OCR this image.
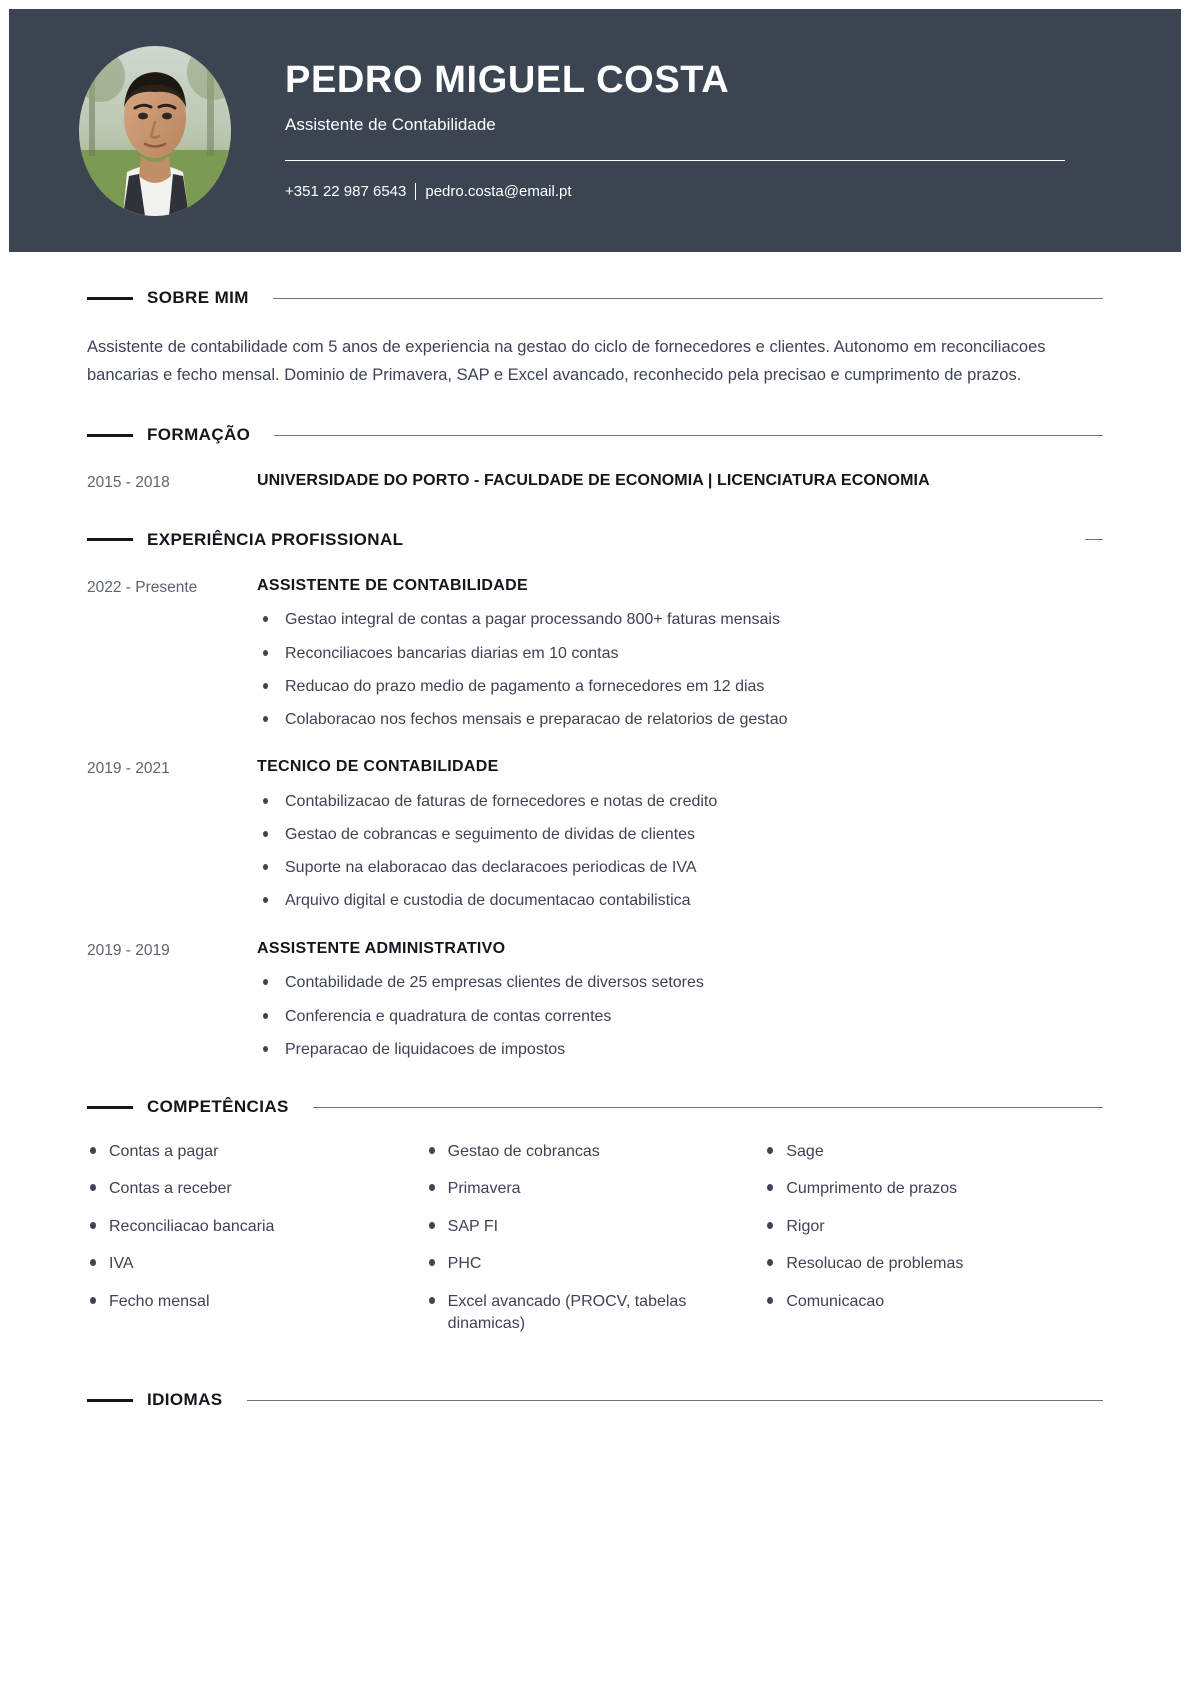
PEDRO MIGUEL COSTA

Assistente de Contabilidade

+351 22 987 6543 pedro.costa@email.pt
SOBRE MIM

Assistente de contabilidade com 5 anos de experiencia na gestao do ciclo de fornecedores e clientes. Autonomo em reconciliacoes bancarias e fecho mensal. Dominio de Primavera, SAP e Excel avancado, reconhecido pela precisao e cumprimento de prazos.

FORMAÇÃO
2015 - 2018	UNIVERSIDADE DO PORTO - FACULDADE DE ECONOMIA | LICENCIATURA ECONOMIA
EXPERIÊNCIA PROFISSIONAL
2022 - Presente	ASSISTENTE DE CONTABILIDADE
Gestao integral de contas a pagar processando 800+ faturas mensais
Reconciliacoes bancarias diarias em 10 contas
Reducao do prazo medio de pagamento a fornecedores em 12 dias
Colaboracao nos fechos mensais e preparacao de relatorios de gestao
2019 - 2021	TECNICO DE CONTABILIDADE
Contabilizacao de faturas de fornecedores e notas de credito
Gestao de cobrancas e seguimento de dividas de clientes
Suporte na elaboracao das declaracoes periodicas de IVA
Arquivo digital e custodia de documentacao contabilistica
2019 - 2019	ASSISTENTE ADMINISTRATIVO
Contabilidade de 25 empresas clientes de diversos setores
Conferencia e quadratura de contas correntes
Preparacao de liquidacoes de impostos
COMPETÊNCIAS
Contas a pagar
Contas a receber
Reconciliacao bancaria
IVA
Fecho mensal
Gestao de cobrancas
Primavera
SAP FI
PHC
Excel avancado (PROCV, tabelas dinamicas)
Sage
Cumprimento de prazos
Rigor
Resolucao de problemas
Comunicacao
IDIOMAS
